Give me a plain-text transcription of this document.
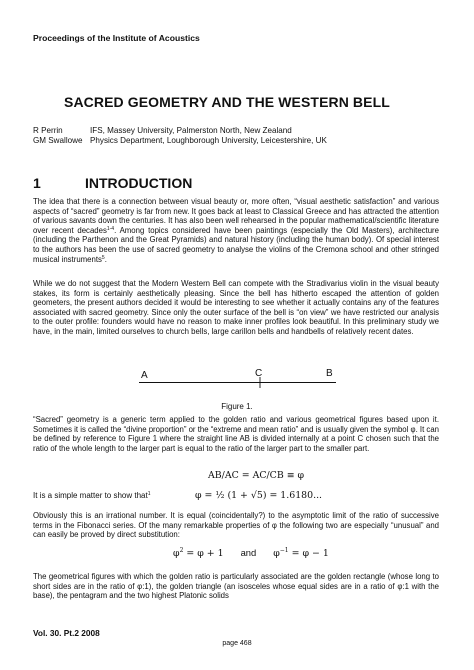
Proceedings of the Institute of Acoustics
SACRED GEOMETRY AND THE WESTERN BELL
R Perrin	IFS, Massey University, Palmerston North, New Zealand
GM Swallowe Physics Department, Loughborough University, Leicestershire, UK
1	INTRODUCTION

The idea that there is a connection between visual beauty or, more often, “visual aesthetic satisfaction” and various aspects of “sacred” geometry is far from new. It goes back at least to Classical Greece and has attracted the attention of various savants down the centuries. It has also been well rehearsed in the popular mathematical/scientific literature over recent decades$^{1-4}$. Among topics considered have been paintings (especially the Old Masters), architecture (including the Parthenon and the Great Pyramids) and natural history (including the human body). Of special interest to the authors has been the use of sacred geometry to analyse the violins of the Cremona school and other stringed musical instruments$^5$.

While we do not suggest that the Modern Western Bell can compete with the Stradivarius violin in the visual beauty stakes, its form is certainly aesthetically pleasing. Since the bell has hitherto escaped the attention of golden geometers, the present authors decided it would be interesting to see whether it actually contains any of the features associated with sacred geometry. Since only the outer surface of the bell is “on view” we have restricted our analysis to the outer profile: founders would have no reason to make inner profiles look beautiful. In this preliminary study we have, in the main, limited ourselves to church bells, large carillon bells and handbells of relatively recent dates.

A	C	B
Figure 1.

“Sacred” geometry is a generic term applied to the golden ratio and various geometrical figures based upon it. Sometimes it is called the “divine proportion” or the “extreme and mean ratio” and is usually given the symbol φ. It can be defined by reference to Figure 1 where the straight line AB is divided internally at a point C chosen such that the ratio of the whole length to the larger part is equal to the ratio of the larger part to the smaller part.

AB/AC = AC/CB ≡ φ
It is a simple matter to show that$^1$	φ = ½ (1 + √5) = 1.6180...

Obviously this is an irrational number. It is equal (coincidentally?) to the asymptotic limit of the ratio of successive terms in the Fibonacci series. Of the many remarkable properties of φ the following two are especially “unusual” and can easily be proved by direct substitution:

$\varphi^2 = \varphi + 1$ and $\varphi^{-1} = \varphi - 1$

The geometrical figures with which the golden ratio is particularly associated are the golden rectangle (whose long to short sides are in the ratio of φ:1), the golden triangle (an isosceles whose equal sides are in a ratio of φ:1 with the base), the pentagram and the two highest Platonic solids

Vol. 30. Pt.2 2008
page 468
